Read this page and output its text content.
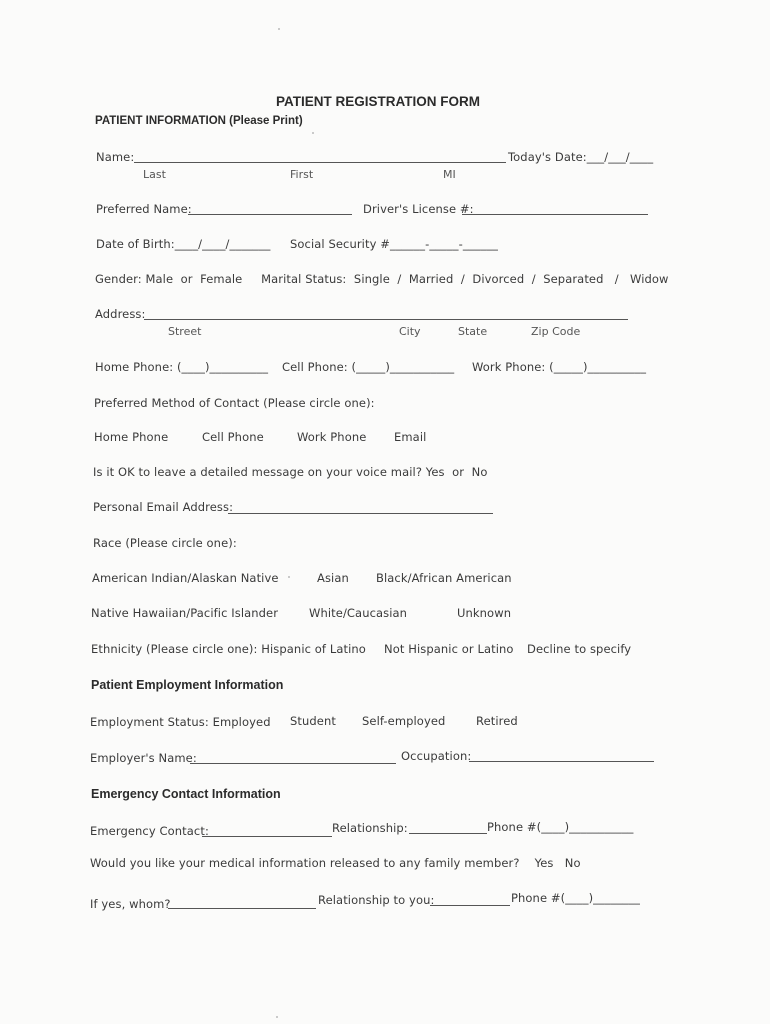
PATIENT REGISTRATION FORM
PATIENT INFORMATION (Please Print)
Name:	Today's Date:___/___/____
Last	First	MI
Preferred Name:	Driver's License #:
Date of Birth:____/____/_______ Social Security #______-_____-______
Gender: Male  or  Female     Marital Status:  Single  /  Married  /  Divorced  /  Separated   /   Widow
Address:
Street	City	State	Zip Code
Home Phone: (____)__________ Cell Phone: (_____)___________ Work Phone: (_____)__________
Preferred Method of Contact (Please circle one):
Home Phone	Cell Phone	Work Phone Email
Is it OK to leave a detailed message on your voice mail? Yes  or  No
Personal Email Address:
Race (Please circle one):
American Indian/Alaskan Native	Asian Black/African American
Native Hawaiian/Pacific Islander	White/Caucasian	Unknown
Ethnicity (Please circle one): Hispanic of Latino Not Hispanic or Latino Decline to specify
Patient Employment Information
Employment Status: Employed Student Self-employed	Retired
Employer's Name:	Occupation:
Emergency Contact Information
Emergency Contact:	Relationship:	Phone #(____)___________
Would you like your medical information released to any family member?    Yes   No
If yes, whom?	Relationship to you:	Phone #(____)________
